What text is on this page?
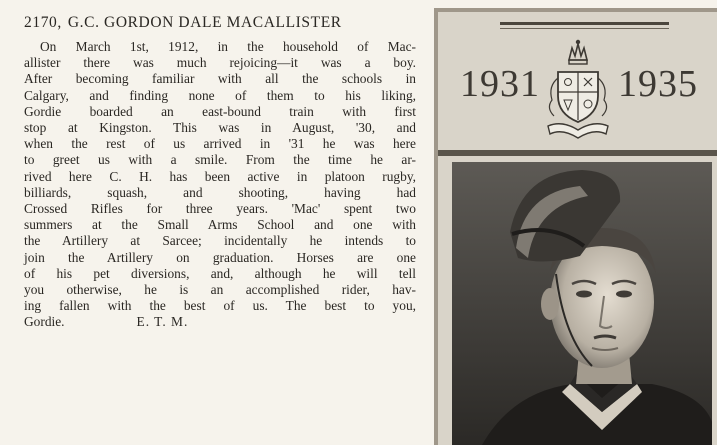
2170, G.C. GORDON DALE MACALLISTER
On March 1st, 1912, in the household of Mac-
allister there was much rejoicing—it was a boy.
After becoming familiar with all the schools in
Calgary, and finding none of them to his liking,
Gordie boarded an east-bound train with first
stop at Kingston. This was in August, '30, and
when the rest of us arrived in '31 he was here
to greet us with a smile. From the time he ar-
rived here C. H. has been active in platoon rugby,
billiards, squash, and shooting, having had
Crossed Rifles for three years. 'Mac' spent two
summers at the Small Arms School and one with
the Artillery at Sarcee; incidentally he intends to
join the Artillery on graduation. Horses are one
of his pet diversions, and, although he will tell
you otherwise, he is an accomplished rider, hav-
ing fallen with the best of us. The best to you,
Gordie.	E. T. M.
1931 1935
